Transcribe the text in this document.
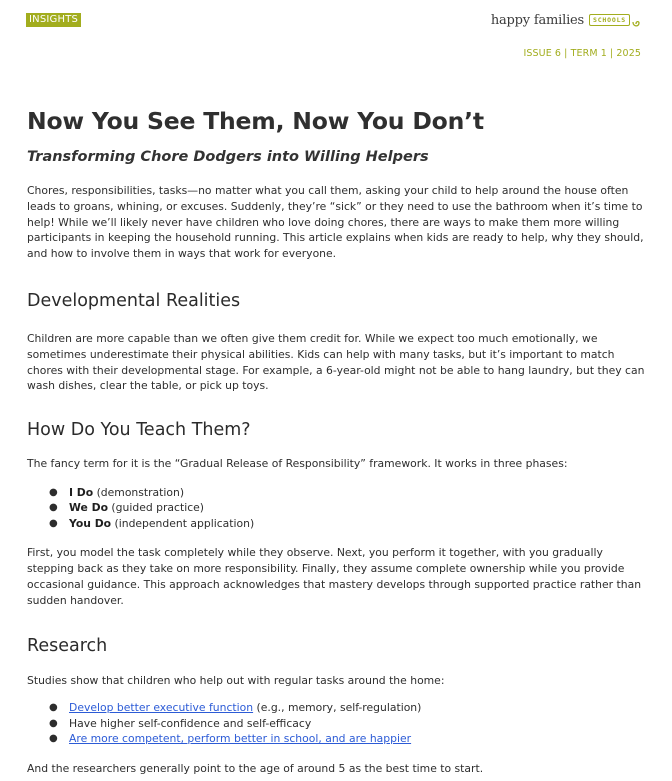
INSIGHTS	happy families	SCHOOLS
ISSUE 6 | TERM 1 | 2025
Now You See Them, Now You Don’t
Transforming Chore Dodgers into Willing Helpers

Chores, responsibilities, tasks—no matter what you call them, asking your child to help around the house often leads to groans, whining, or excuses. Suddenly, they’re “sick” or they need to use the bathroom when it’s time to help! While we’ll likely never have children who love doing chores, there are ways to make them more willing participants in keeping the household running. This article explains when kids are ready to help, why they should, and how to involve them in ways that work for everyone.

Developmental Realities

Children are more capable than we often give them credit for. While we expect too much emotionally, we sometimes underestimate their physical abilities. Kids can help with many tasks, but it’s important to match chores with their developmental stage. For example, a 6-year-old might not be able to hang laundry, but they can wash dishes, clear the table, or pick up toys.

How Do You Teach Them?

The fancy term for it is the “Gradual Release of Responsibility” framework. It works in three phases:

● I Do (demonstration)
● We Do (guided practice)
● You Do (independent application)

First, you model the task completely while they observe. Next, you perform it together, with you gradually stepping back as they take on more responsibility. Finally, they assume complete ownership while you provide occasional guidance. This approach acknowledges that mastery develops through supported practice rather than sudden handover.

Research

Studies show that children who help out with regular tasks around the home:

● Develop better executive function (e.g., memory, self-regulation)
● Have higher self-confidence and self-efficacy
● Are more competent, perform better in school, and are happier

And the researchers generally point to the age of around 5 as the best time to start.
